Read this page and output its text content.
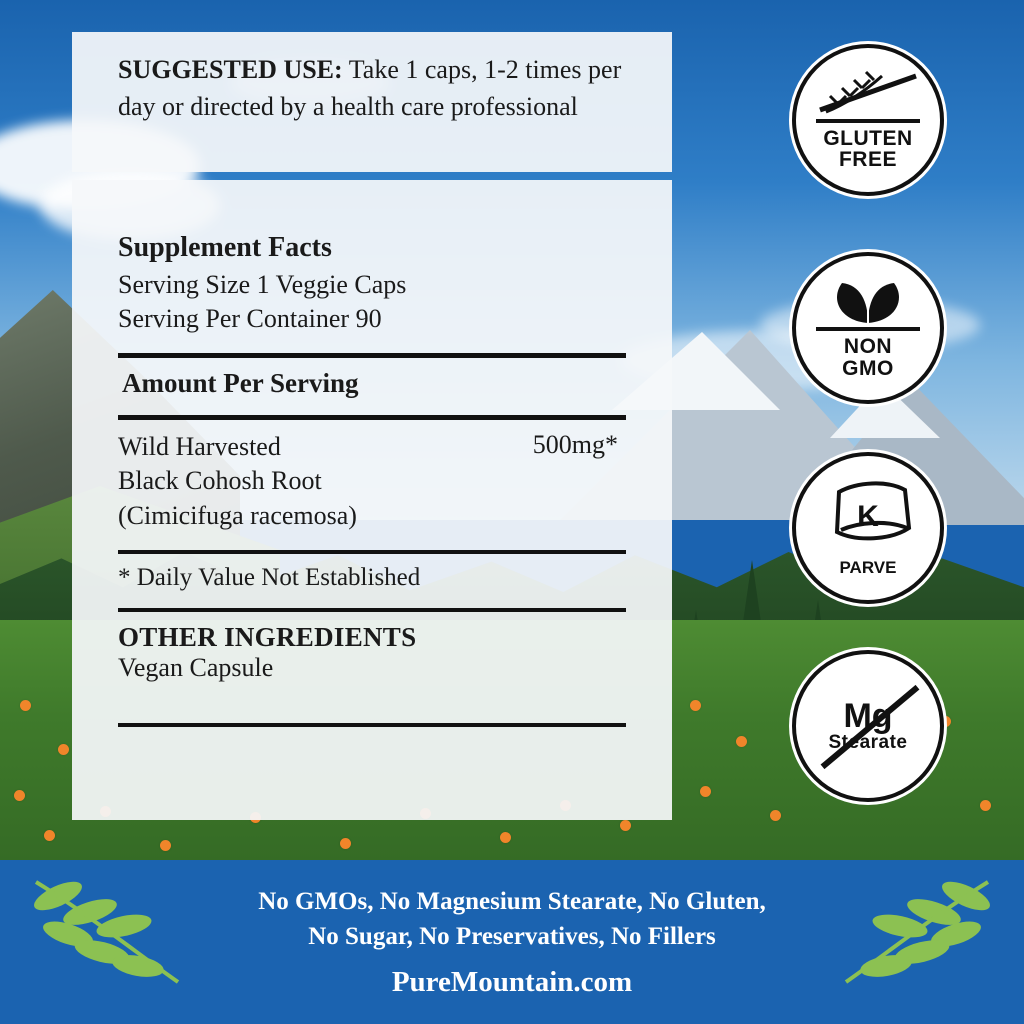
SUGGESTED USE: Take 1 caps, 1-2 times per day or directed by a health care professional
Supplement Facts
Serving Size 1 Veggie Caps
Serving Per Container 90
Amount Per Serving
Wild Harvested
Black Cohosh Root
(Cimicifuga racemosa)
500mg*
* Daily Value Not Established
OTHER INGREDIENTS
Vegan Capsule
GLUTEN
FREE
NON
GMO
K
PARVE
Mg
Stearate
No GMOs, No Magnesium Stearate, No Gluten,
No Sugar, No Preservatives, No Fillers
PureMountain.com
